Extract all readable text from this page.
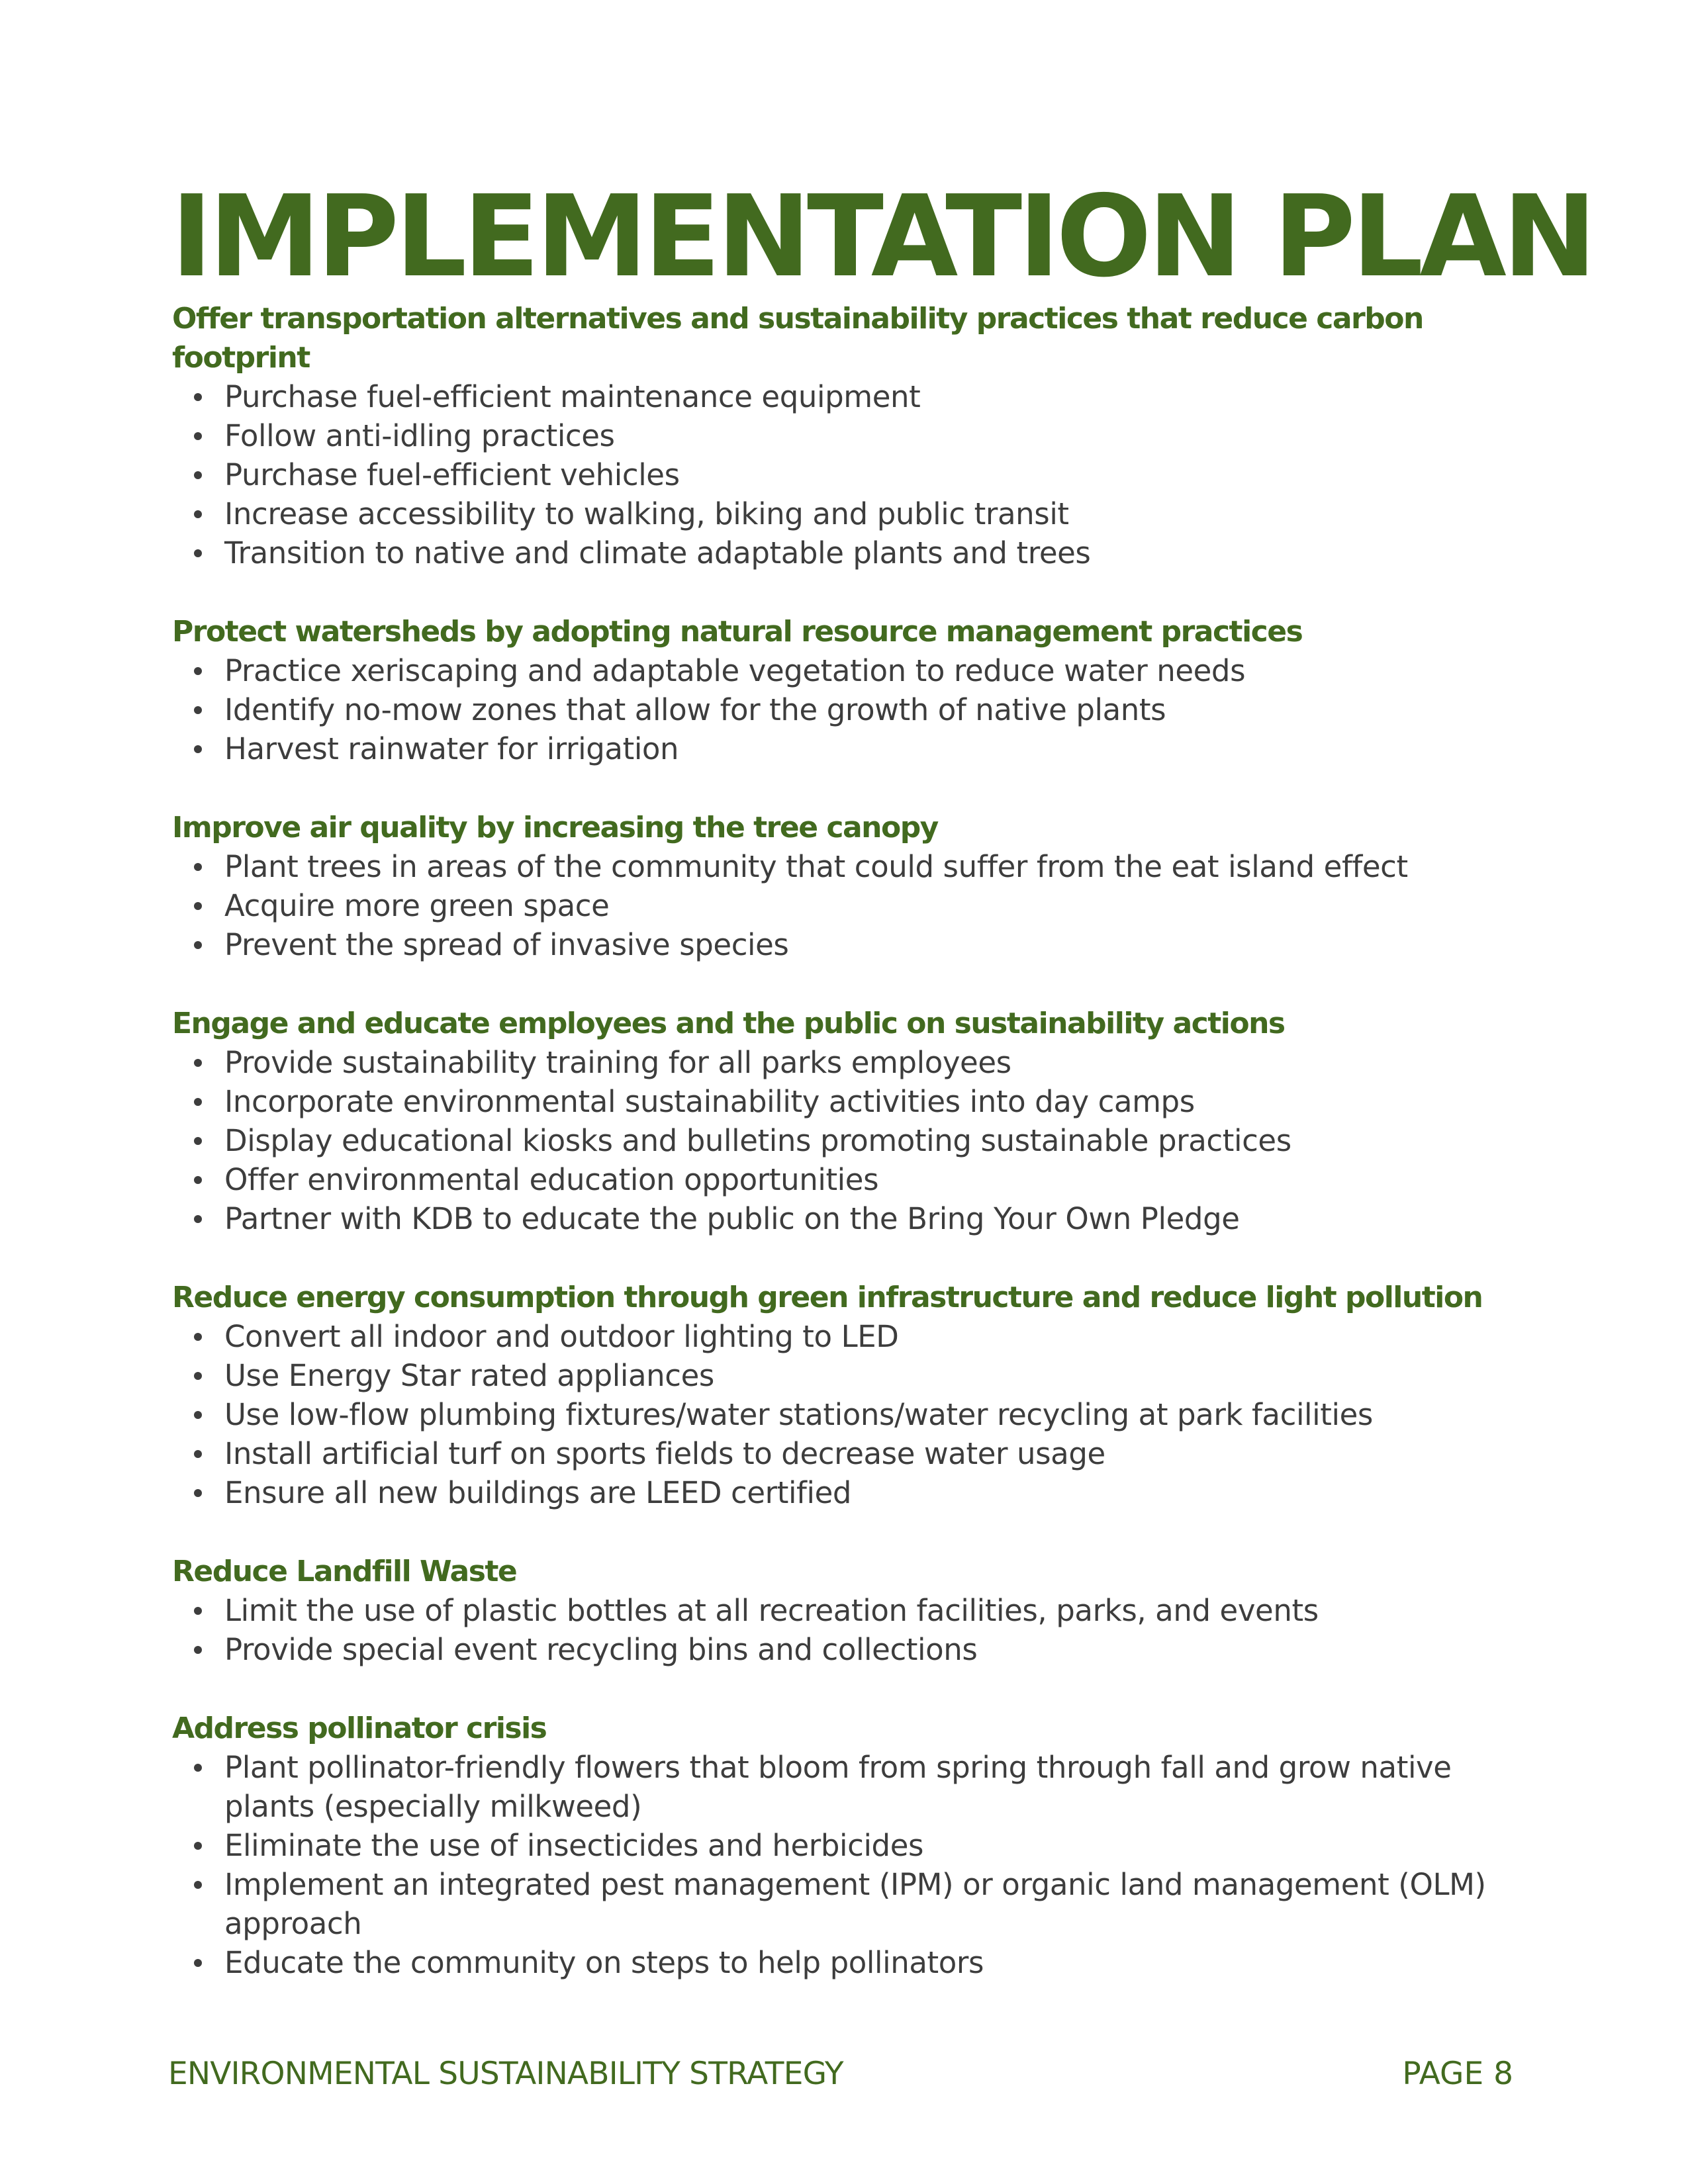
IMPLEMENTATION PLAN
Offer transportation alternatives and sustainability practices that reduce carbon footprint
Purchase fuel-efficient maintenance equipment
Follow anti-idling practices
Purchase fuel-efficient vehicles
Increase accessibility to walking, biking and public transit
Transition to native and climate adaptable plants and trees
Protect watersheds by adopting natural resource management practices
Practice xeriscaping and adaptable vegetation to reduce water needs
Identify no-mow zones that allow for the growth of native plants
Harvest rainwater for irrigation
Improve air quality by increasing the tree canopy
Plant trees in areas of the community that could suffer from the eat island effect
Acquire more green space
Prevent the spread of invasive species
Engage and educate employees and the public on sustainability actions
Provide sustainability training for all parks employees
Incorporate environmental sustainability activities into day camps
Display educational kiosks and bulletins promoting sustainable practices
Offer environmental education opportunities
Partner with KDB to educate the public on the Bring Your Own Pledge
Reduce energy consumption through green infrastructure and reduce light pollution
Convert all indoor and outdoor lighting to LED
Use Energy Star rated appliances
Use low-flow plumbing fixtures/water stations/water recycling at park facilities
Install artificial turf on sports fields to decrease water usage
Ensure all new buildings are LEED certified
Reduce Landfill Waste
Limit the use of plastic bottles at all recreation facilities, parks, and events
Provide special event recycling bins and collections
Address pollinator crisis
Plant pollinator-friendly flowers that bloom from spring through fall and grow native plants (especially milkweed)
Eliminate the use of insecticides and herbicides
Implement an integrated pest management (IPM) or organic land management (OLM) approach
Educate the community on steps to help pollinators
ENVIRONMENTAL SUSTAINABILITY STRATEGY	PAGE 8
